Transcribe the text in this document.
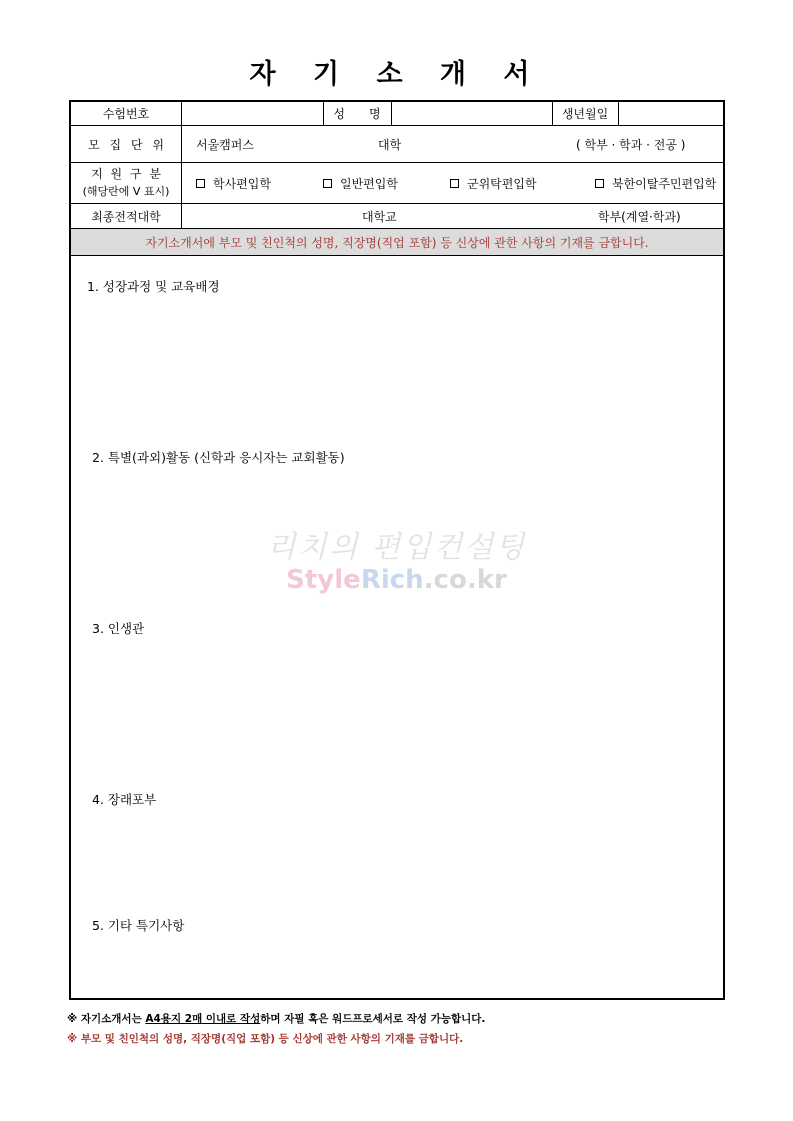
자 기 소 개 서
수험번호	성　　명	생년월일
모 집 단 위	서울캠퍼스	대학	( 학부 · 학과 · 전공 )
지 원 구 분
(해당란에 V 표시)
학사편입학	일반편입학	군위탁편입학	북한이탈주민편입학
최종전적대학	대학교	학부(계열·학과)
자기소개서에 부모 및 친인척의 성명, 직장명(직업 포함) 등 신상에 관한 사항의 기재를 금합니다.
1. 성장과정 및 교육배경
2. 특별(과외)활동 (신학과 응시자는 교회활동)
3. 인생관
4. 장래포부
5. 기타 특기사항
리치의 편입컨설팅
StyleRich.co.kr
※ 자기소개서는 A4용지 2매 이내로 작성하며 자필 혹은 워드프로세서로 작성 가능합니다.
※ 부모 및 친인척의 성명, 직장명(직업 포함) 등 신상에 관한 사항의 기재를 금합니다.
